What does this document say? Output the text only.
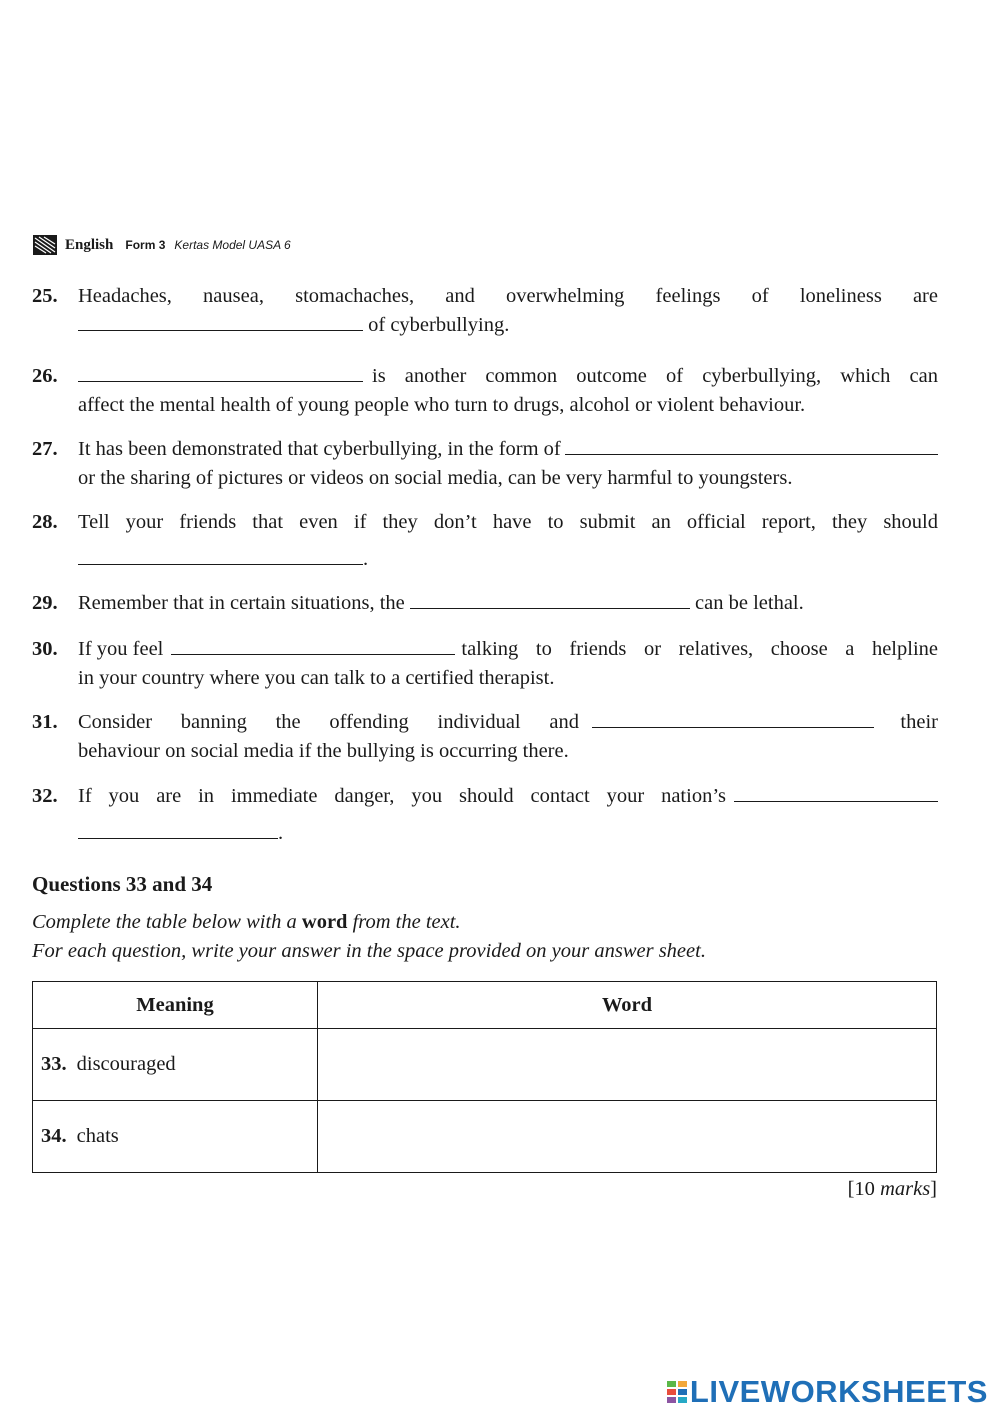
English Form 3 Kertas Model UASA 6
25. Headaches, nausea, stomachaches, and overwhelming feelings of loneliness are
of cyberbullying.
26.	is another common outcome of cyberbullying, which can
affect the mental health of young people who turn to drugs, alcohol or violent behaviour.
27. It has been demonstrated that cyberbullying, in the form of
or the sharing of pictures or videos on social media, can be very harmful to youngsters.
28. Tell your friends that even if they don’t have to submit an official report, they should
.
29. Remember that in certain situations, the	can be lethal.
30. If you feel	talking to friends or relatives, choose a helpline
in your country where you can talk to a certified therapist.
31. Consider banning the offending individual and	their
behaviour on social media if the bullying is occurring there.
32. If you are in immediate danger, you should contact your nation’s
.
Questions 33 and 34
Complete the table below with a word from the text.
For each question, write your answer in the space provided on your answer sheet.
Meaning	Word
33. discouraged	
34. chats	
[10 marks]
LIVEWORKSHEETS
